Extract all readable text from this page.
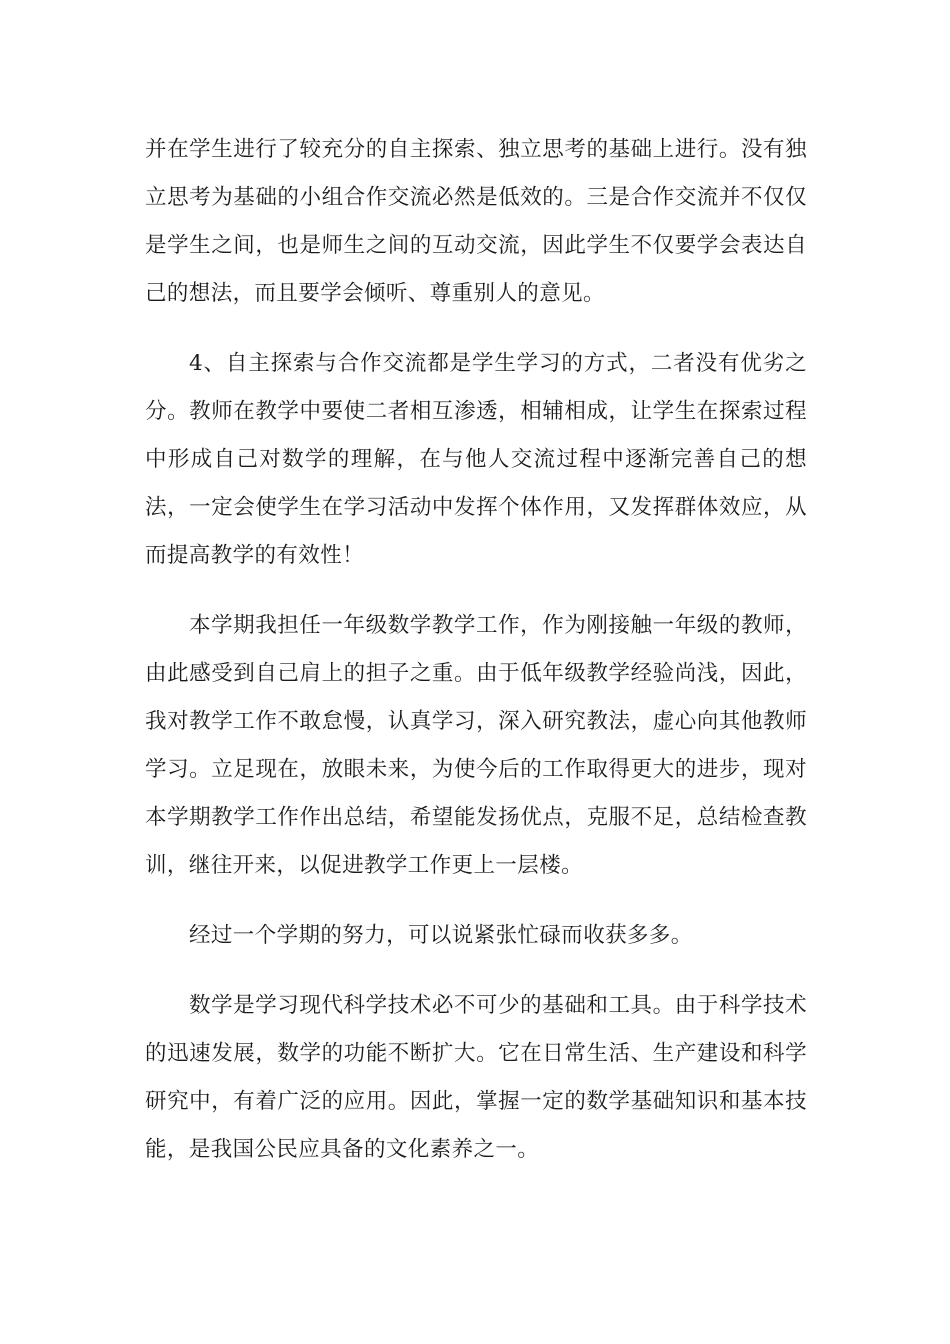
并在学生进行了较充分的自主探索、独立思考的基础上进行。没有独立思考为基础的小组合作交流必然是低效的。三是合作交流并不仅仅是学生之间，也是师生之间的互动交流，因此学生不仅要学会表达自己的想法，而且要学会倾听、尊重别人的意见。

4、自主探索与合作交流都是学生学习的方式，二者没有优劣之分。教师在教学中要使二者相互渗透，相辅相成，让学生在探索过程中形成自己对数学的理解，在与他人交流过程中逐渐完善自己的想法，一定会使学生在学习活动中发挥个体作用，又发挥群体效应，从而提高教学的有效性！

本学期我担任一年级数学教学工作，作为刚接触一年级的教师，由此感受到自己肩上的担子之重。由于低年级教学经验尚浅，因此，我对教学工作不敢怠慢，认真学习，深入研究教法，虚心向其他教师学习。立足现在，放眼未来，为使今后的工作取得更大的进步，现对本学期教学工作作出总结，希望能发扬优点，克服不足，总结检查教训，继往开来，以促进教学工作更上一层楼。

经过一个学期的努力，可以说紧张忙碌而收获多多。

数学是学习现代科学技术必不可少的基础和工具。由于科学技术的迅速发展，数学的功能不断扩大。它在日常生活、生产建设和科学研究中，有着广泛的应用。因此，掌握一定的数学基础知识和基本技能，是我国公民应具备的文化素养之一。
